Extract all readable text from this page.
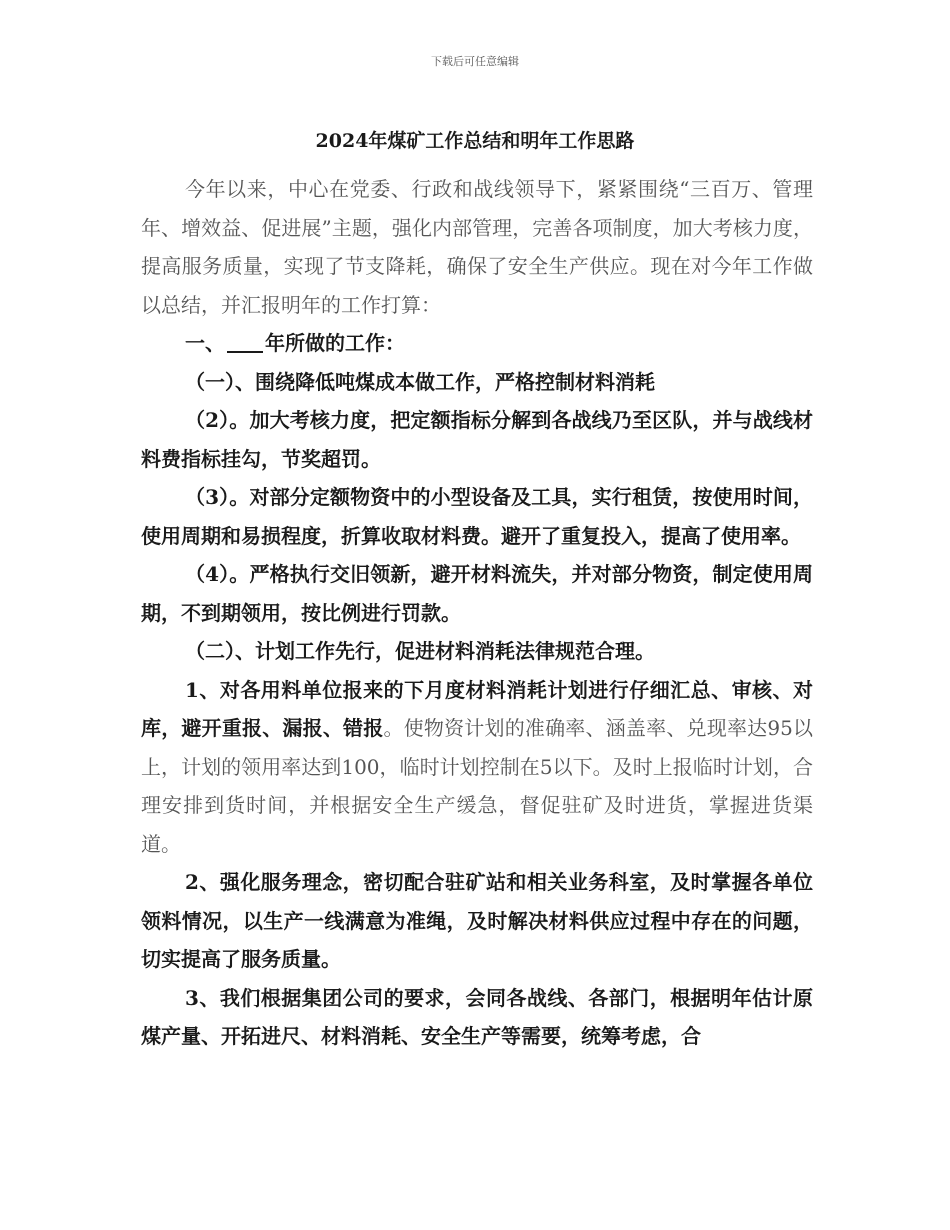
下载后可任意编辑
2024年煤矿工作总结和明年工作思路

今年以来，中心在党委、行政和战线领导下，紧紧围绕“三百万、管理年、增效益、促进展”主题，强化内部管理，完善各项制度，加大考核力度，提高服务质量，实现了节支降耗，确保了安全生产供应。现在对今年工作做以总结，并汇报明年的工作打算：

一、 年所做的工作：

（一）、围绕降低吨煤成本做工作，严格控制材料消耗

（2）。加大考核力度，把定额指标分解到各战线乃至区队，并与战线材料费指标挂勾，节奖超罚。

（3）。对部分定额物资中的小型设备及工具，实行租赁，按使用时间，使用周期和易损程度，折算收取材料费。避开了重复投入，提高了使用率。

（4）。严格执行交旧领新，避开材料流失，并对部分物资，制定使用周期，不到期领用，按比例进行罚款。

（二）、计划工作先行，促进材料消耗法律规范合理。

1、对各用料单位报来的下月度材料消耗计划进行仔细汇总、审核、对库，避开重报、漏报、错报。使物资计划的准确率、涵盖率、兑现率达95以上，计划的领用率达到100，临时计划控制在5以下。及时上报临时计划，合理安排到货时间，并根据安全生产缓急，督促驻矿及时进货，掌握进货渠道。

2、强化服务理念，密切配合驻矿站和相关业务科室，及时掌握各单位领料情况，以生产一线满意为准绳，及时解决材料供应过程中存在的问题，切实提高了服务质量。

3、我们根据集团公司的要求，会同各战线、各部门，根据明年估计原煤产量、开拓进尺、材料消耗、安全生产等需要，统筹考虑，合
